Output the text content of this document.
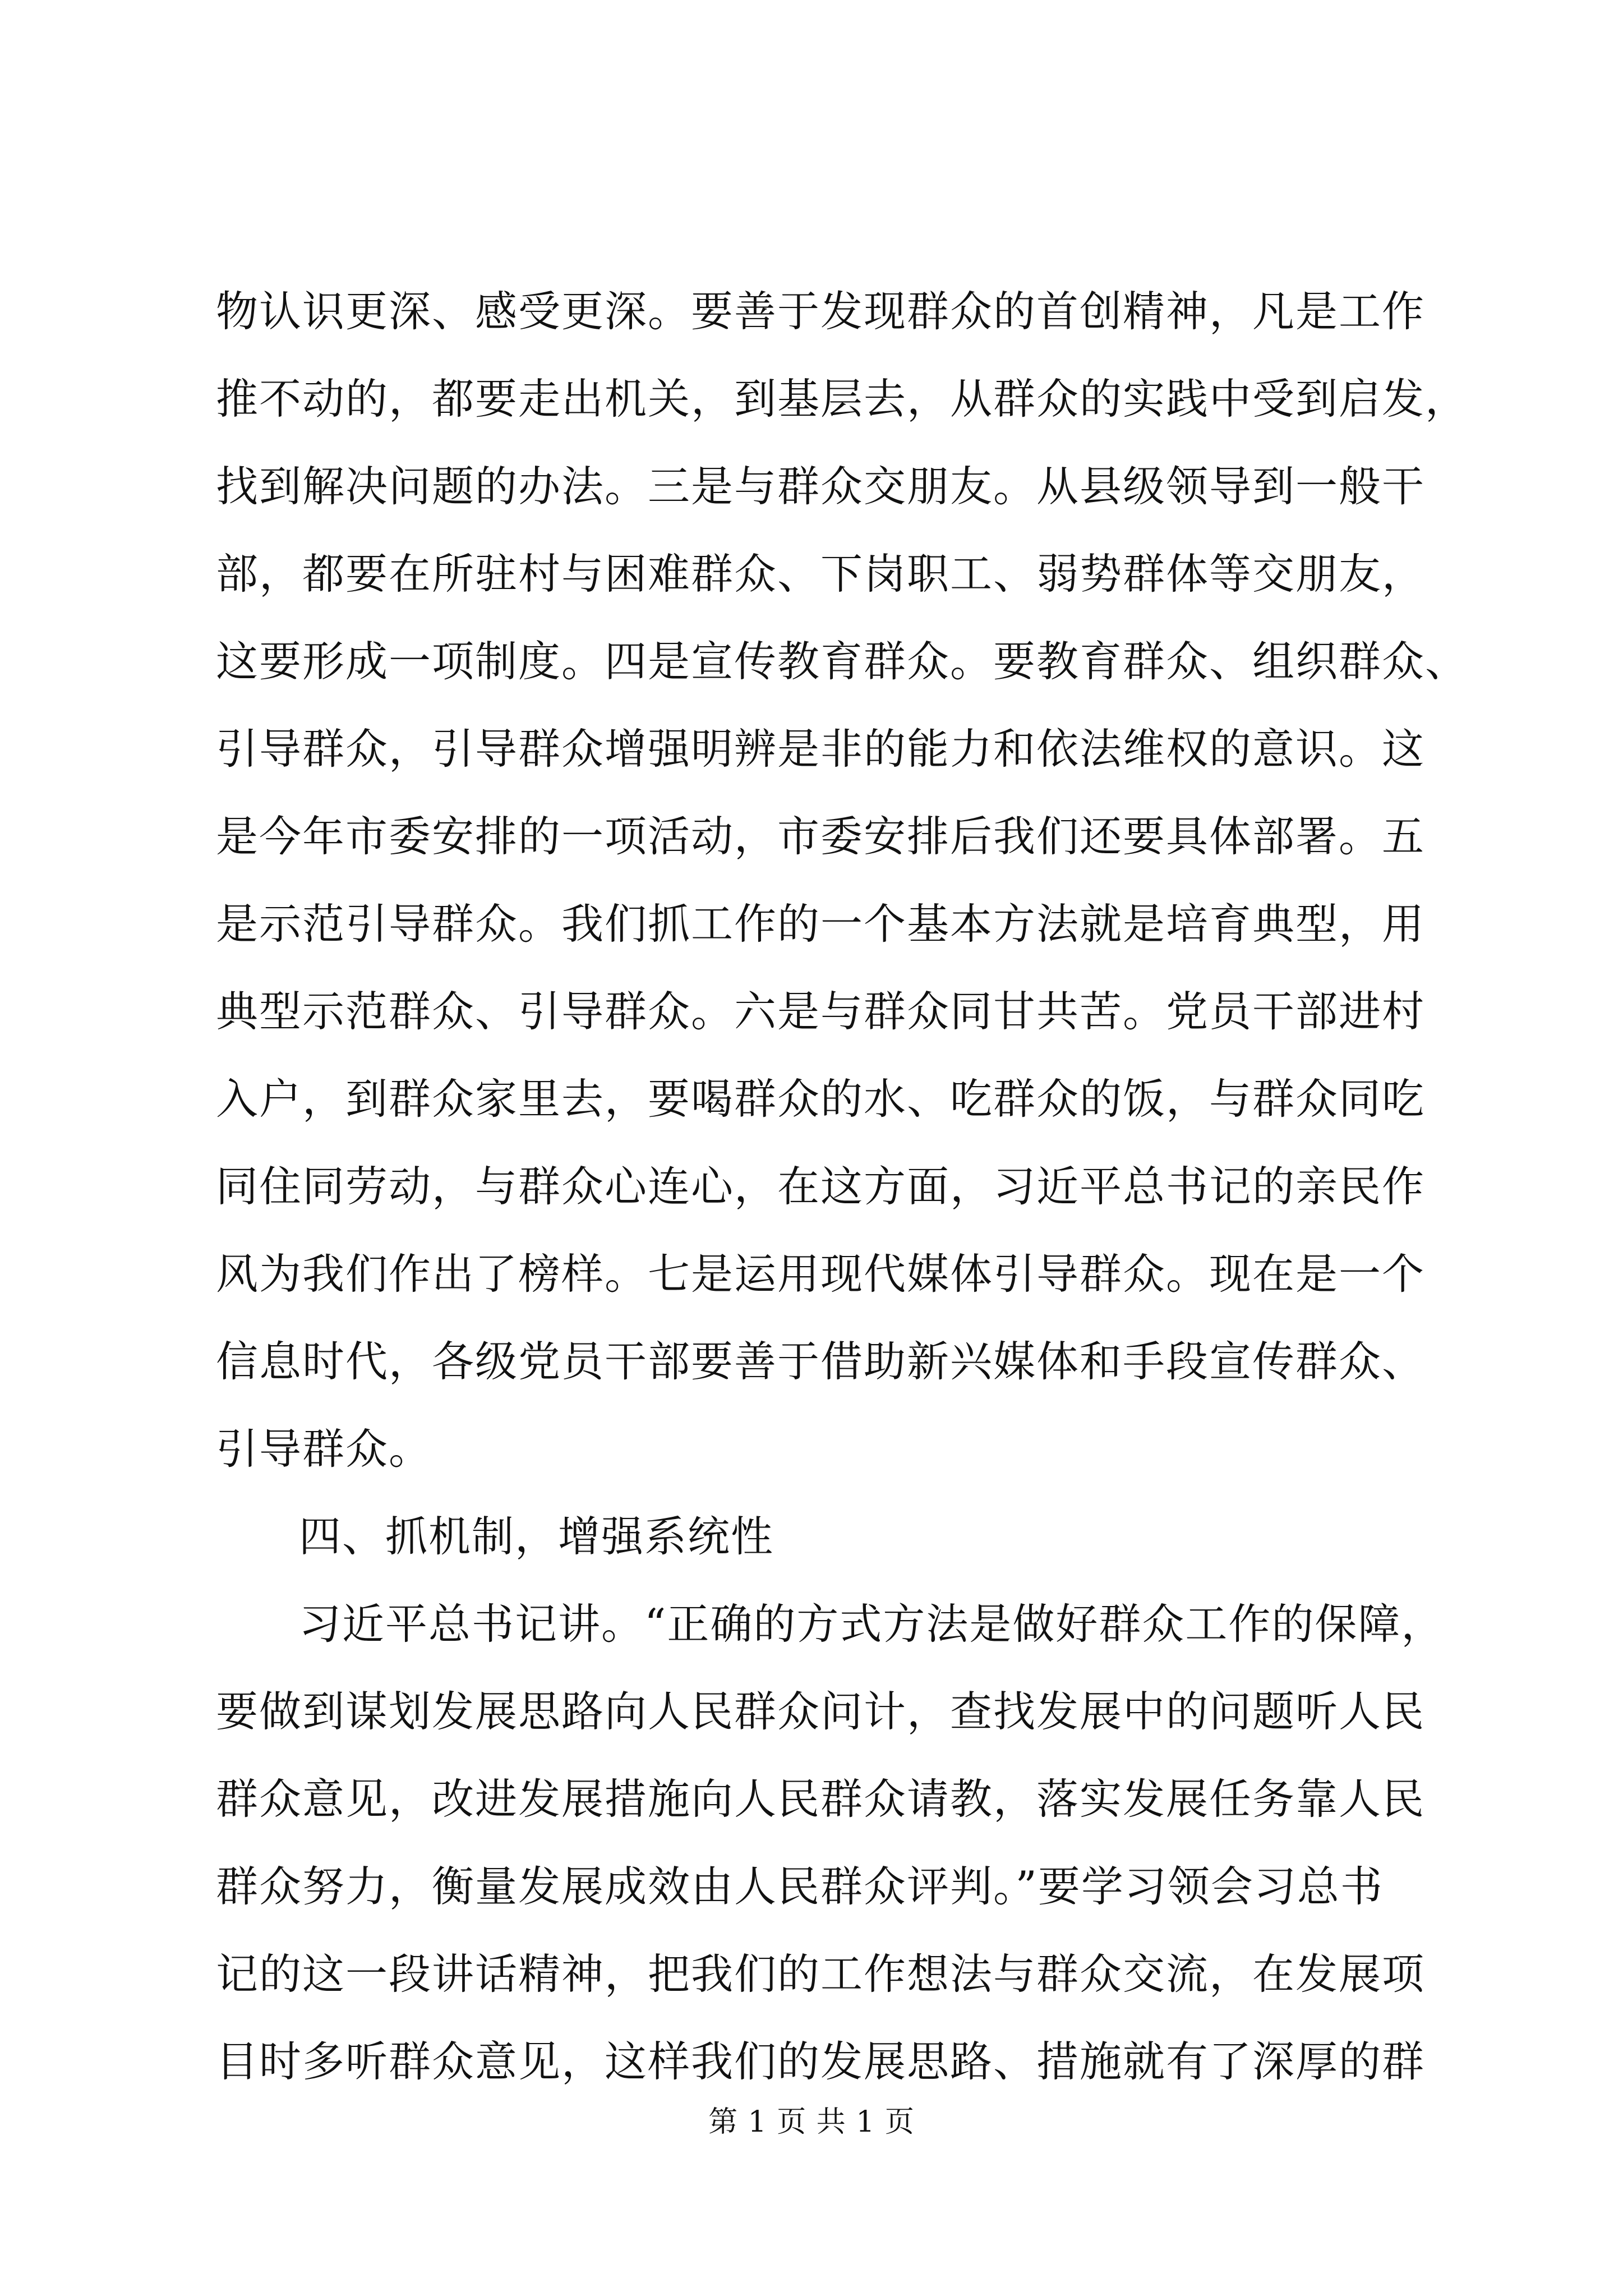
物认识更深、感受更深。要善于发现群众的首创精神，凡是工作
推不动的，都要走出机关，到基层去，从群众的实践中受到启发，
找到解决问题的办法。三是与群众交朋友。从县级领导到一般干
部，都要在所驻村与困难群众、下岗职工、弱势群体等交朋友，
这要形成一项制度。四是宣传教育群众。要教育群众、组织群众、
引导群众，引导群众增强明辨是非的能力和依法维权的意识。这
是今年市委安排的一项活动，市委安排后我们还要具体部署。五
是示范引导群众。我们抓工作的一个基本方法就是培育典型，用
典型示范群众、引导群众。六是与群众同甘共苦。党员干部进村
入户，到群众家里去，要喝群众的水、吃群众的饭，与群众同吃
同住同劳动，与群众心连心，在这方面，习近平总书记的亲民作
风为我们作出了榜样。七是运用现代媒体引导群众。现在是一个
信息时代，各级党员干部要善于借助新兴媒体和手段宣传群众、
引导群众。
四、抓机制，增强系统性
习近平总书记讲。“正确的方式方法是做好群众工作的保障，
要做到谋划发展思路向人民群众问计，查找发展中的问题听人民
群众意见，改进发展措施向人民群众请教，落实发展任务靠人民
群众努力，衡量发展成效由人民群众评判。”要学习领会习总书
记的这一段讲话精神，把我们的工作想法与群众交流，在发展项
目时多听群众意见，这样我们的发展思路、措施就有了深厚的群
第 1 页 共 1 页
